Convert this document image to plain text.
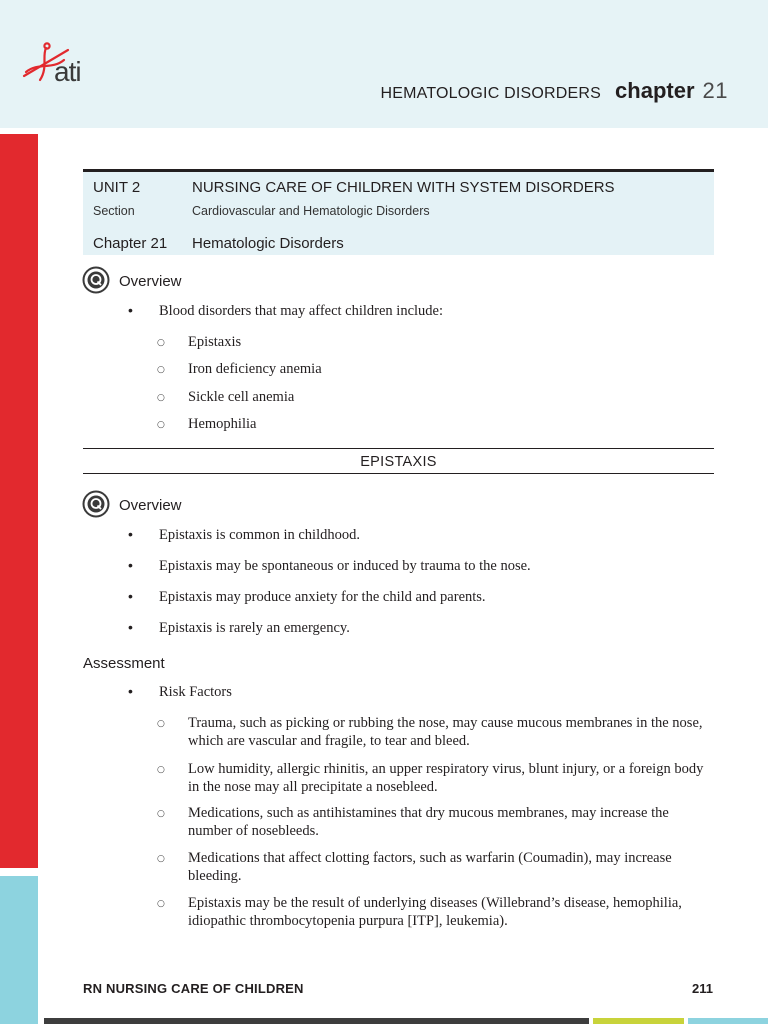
ati
HEMATOLOGIC DISORDERS chapter 21
UNIT 2	NURSING CARE OF CHILDREN WITH SYSTEM DISORDERS
Section	Cardiovascular and Hematologic Disorders
Chapter 21	Hematologic Disorders
Overview
• Blood disorders that may affect children include:
○ Epistaxis
○ Iron deficiency anemia
○ Sickle cell anemia
○ Hemophilia
EPISTAXIS
Overview
• Epistaxis is common in childhood.
• Epistaxis may be spontaneous or induced by trauma to the nose.
• Epistaxis may produce anxiety for the child and parents.
• Epistaxis is rarely an emergency.
Assessment
• Risk Factors
○ Trauma, such as picking or rubbing the nose, may cause mucous membranes in the nose, which are vascular and fragile, to tear and bleed.
○ Low humidity, allergic rhinitis, an upper respiratory virus, blunt injury, or a foreign body in the nose may all precipitate a nosebleed.
○ Medications, such as antihistamines that dry mucous membranes, may increase the number of nosebleeds.
○ Medications that affect clotting factors, such as warfarin (Coumadin), may increase bleeding.
○ Epistaxis may be the result of underlying diseases (Willebrand’s disease, hemophilia, idiopathic thrombocytopenia purpura [ITP], leukemia).
RN NURSING CARE OF CHILDREN	211
